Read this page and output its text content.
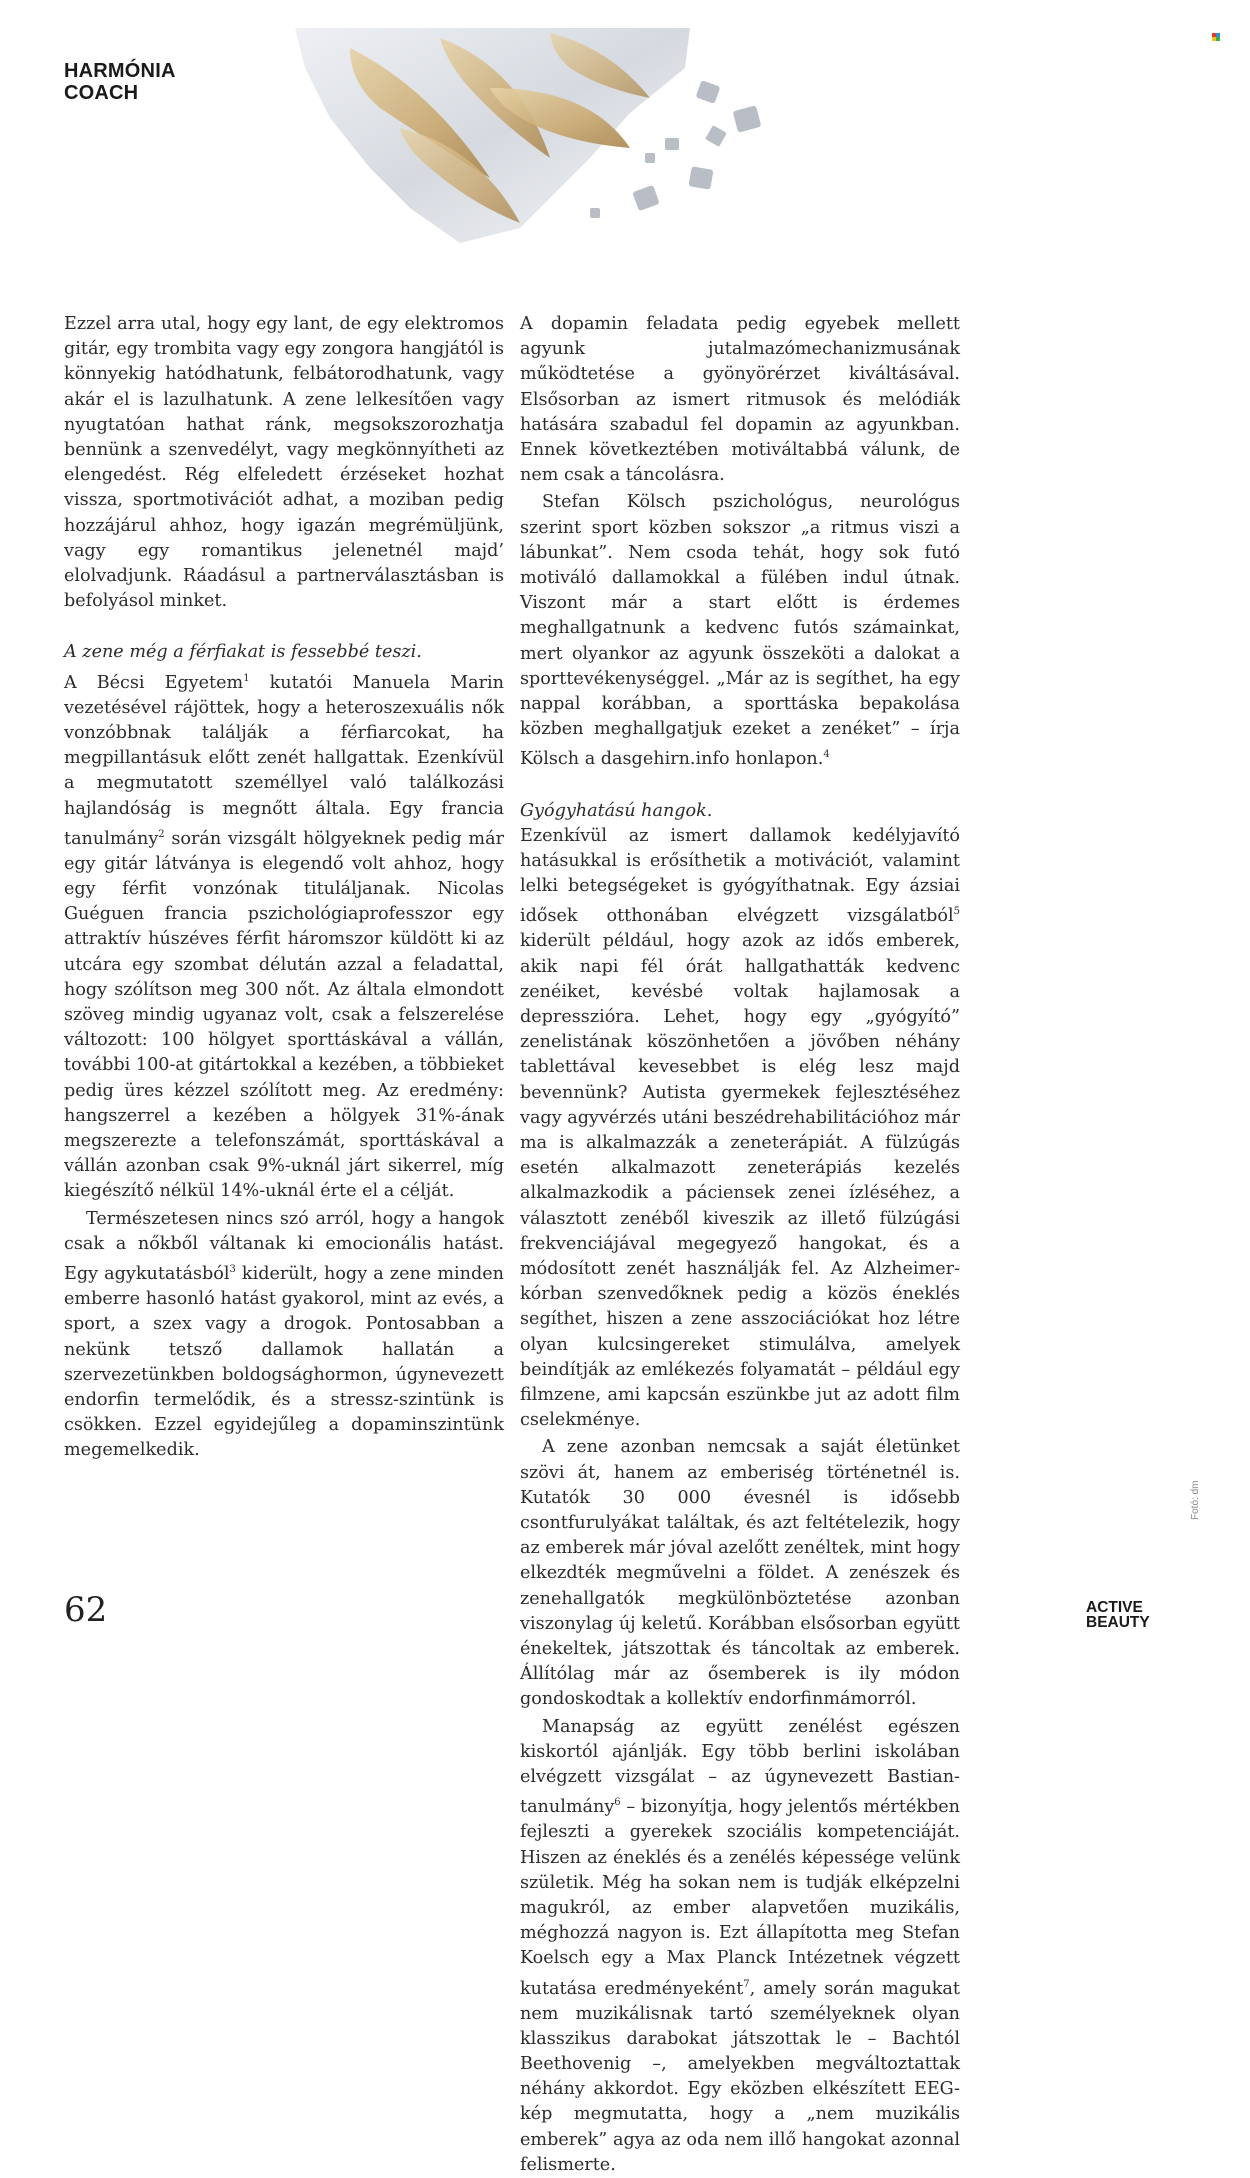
HARMÓNIA
COACH

Ezzel arra utal, hogy egy lant, de egy elektromos gitár, egy trombita vagy egy zongora hangjától is könnyekig hatódhatunk, felbátorodhatunk, vagy akár el is lazulhatunk. A zene lelkesítően vagy nyugtatóan hathat ránk, megsokszorozhatja bennünk a szenvedélyt, vagy megkönnyítheti az elengedést. Rég elfeledett érzéseket hozhat vissza, sportmotivációt adhat, a moziban pedig hozzájárul ahhoz, hogy igazán megrémüljünk, vagy egy romantikus jelenetnél majd’ elolvadjunk. Ráadásul a partnerválasztásban is befolyásol minket.

A zene még a férfiakat is fessebbé teszi.

A Bécsi Egyetem$^1$ kutatói Manuela Marin vezetésével rájöttek, hogy a heteroszexuális nők vonzóbbnak találják a férfiarcokat, ha megpillantásuk előtt zenét hallgattak. Ezenkívül a megmutatott személlyel való találkozási hajlandóság is megnőtt általa. Egy francia tanulmány$^2$ során vizsgált hölgyeknek pedig már egy gitár látványa is elegendő volt ahhoz, hogy egy férfit vonzónak tituláljanak. Nicolas Guéguen francia pszichológiaprofesszor egy attraktív húszéves férfit háromszor küldött ki az utcára egy szombat délután azzal a feladattal, hogy szólítson meg 300 nőt. Az általa elmondott szöveg mindig ugyanaz volt, csak a felszerelése változott: 100 hölgyet sporttáskával a vállán, további 100-at gitártokkal a kezében, a többieket pedig üres kézzel szólított meg. Az eredmény: hangszerrel a kezében a hölgyek 31%-ának megszerezte a telefonszámát, sporttáskával a vállán azonban csak 9%-uknál járt sikerrel, míg kiegészítő nélkül 14%-uknál érte el a célját.

Természetesen nincs szó arról, hogy a hangok csak a nőkből váltanak ki emocionális hatást. Egy agykutatásból$^3$ kiderült, hogy a zene minden emberre hasonló hatást gyakorol, mint az evés, a sport, a szex vagy a drogok. Pontosabban a nekünk tetsző dallamok hallatán a szervezetünkben boldogsághormon, úgynevezett endorfin termelődik, és a stressz-szintünk is csökken. Ezzel egyidejűleg a dopaminszintünk megemelkedik.

A dopamin feladata pedig egyebek mellett agyunk jutalmazómechanizmusának működtetése a gyönyörérzet kiváltásával. Elsősorban az ismert ritmusok és melódiák hatására szabadul fel dopamin az agyunkban. Ennek következtében motiváltabbá válunk, de nem csak a táncolásra.

Stefan Kölsch pszichológus, neurológus szerint sport közben sokszor „a ritmus viszi a lábunkat”. Nem csoda tehát, hogy sok futó motiváló dallamokkal a fülében indul útnak. Viszont már a start előtt is érdemes meghallgatnunk a kedvenc futós számainkat, mert olyankor az agyunk összeköti a dalokat a sporttevékenységgel. „Már az is segíthet, ha egy nappal korábban, a sporttáska bepakolása közben meghallgatjuk ezeket a zenéket” – írja Kölsch a dasgehirn.info honlapon.$^4$

Gyógyhatású hangok.

Ezenkívül az ismert dallamok kedélyjavító hatásukkal is erősíthetik a motivációt, valamint lelki betegségeket is gyógyíthatnak. Egy ázsiai idősek otthonában elvégzett vizsgálatból$^5$ kiderült például, hogy azok az idős emberek, akik napi fél órát hallgathatták kedvenc zenéiket, kevésbé voltak hajlamosak a depresszióra. Lehet, hogy egy „gyógyító” zenelistának köszönhetően a jövőben néhány tablettával kevesebbet is elég lesz majd bevennünk? Autista gyermekek fejlesztéséhez vagy agyvérzés utáni beszédrehabilitációhoz már ma is alkalmazzák a zeneterápiát. A fülzúgás esetén alkalmazott zeneterápiás kezelés alkalmazkodik a páciensek zenei ízléséhez, a választott zenéből kiveszik az illető fülzúgási frekvenciájával megegyező hangokat, és a módosított zenét használják fel. Az Alzheimer-kórban szenvedőknek pedig a közös éneklés segíthet, hiszen a zene asszociációkat hoz létre olyan kulcsingereket stimulálva, amelyek beindítják az emlékezés folyamatát – például egy filmzene, ami kapcsán eszünkbe jut az adott film cselekménye.

A zene azonban nemcsak a saját életünket szövi át, hanem az emberiség történetnél is. Kutatók 30 000 évesnél is idősebb csontfurulyákat találtak, és azt feltételezik, hogy az emberek már jóval azelőtt zenéltek, mint hogy elkezdték megművelni a földet. A zenészek és zenehallgatók megkülönböztetése azonban viszonylag új keletű. Korábban elsősorban együtt énekeltek, játszottak és táncoltak az emberek. Állítólag már az ősemberek is ily módon gondoskodtak a kollektív endorfinmámorról.

Manapság az együtt zenélést egészen kiskortól ajánlják. Egy több berlini iskolában elvégzett vizsgálat – az úgynevezett Bastian-tanulmány$^6$ – bizonyítja, hogy jelentős mértékben fejleszti a gyerekek szociális kompetenciáját. Hiszen az éneklés és a zenélés képessége velünk születik. Még ha sokan nem is tudják elképzelni magukról, az ember alapvetően muzikális, méghozzá nagyon is. Ezt állapította meg Stefan Koelsch egy a Max Planck Intézetnek végzett kutatása eredményeként$^7$, amely során magukat nem muzikálisnak tartó személyeknek olyan klasszikus darabokat játszottak le – Bachtól Beethovenig –, amelyekben megváltoztattak néhány akkordot. Egy eközben elkészített EEG-kép megmutatta, hogy a „nem muzikális emberek” agya az oda nem illő hangokat azonnal felismerte.

Fotó: dm
62	ACTIVE
BEAUTY
